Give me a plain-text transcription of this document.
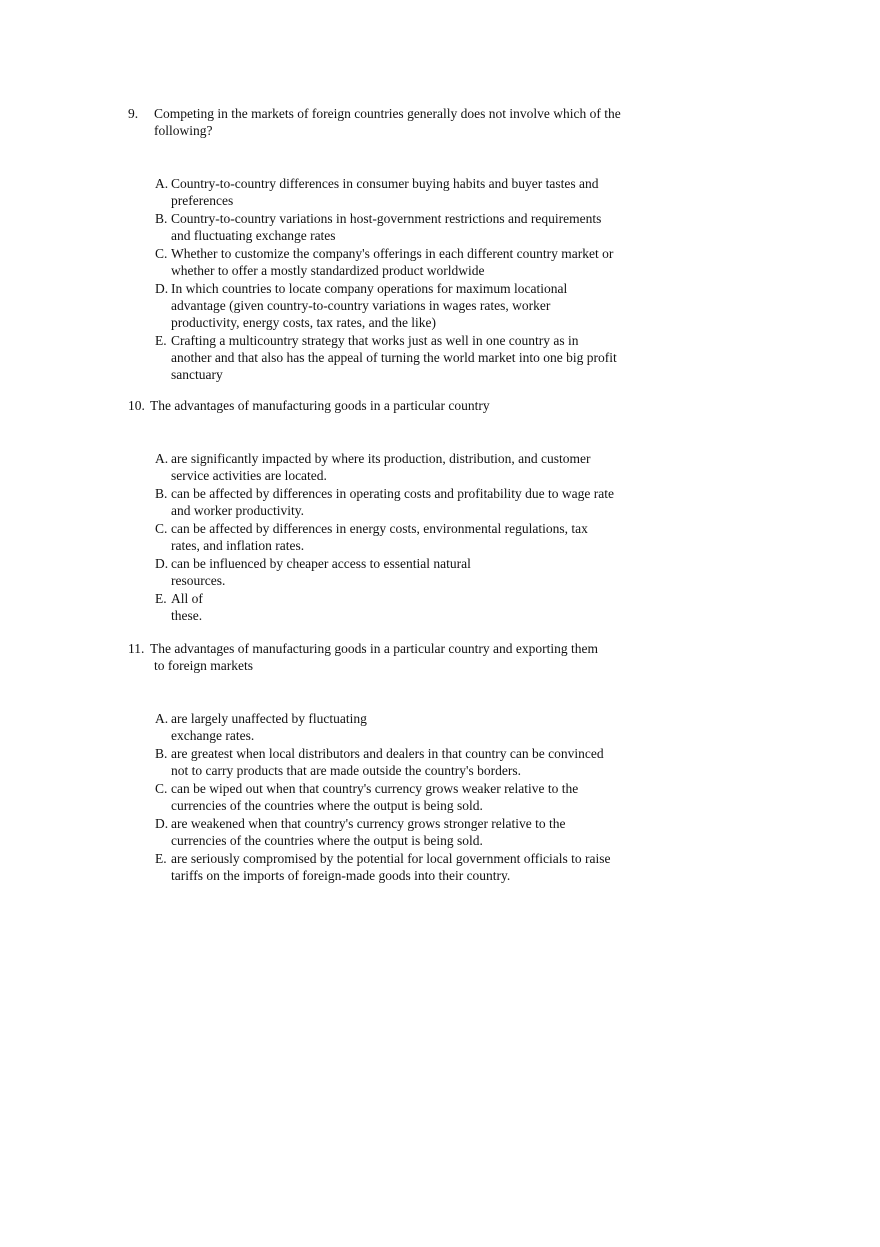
9.	Competing in the markets of foreign countries generally does not involve which of the
following?
A. Country-to-country differences in consumer buying habits and buyer tastes and
preferences
B. Country-to-country variations in host-government restrictions and requirements
and fluctuating exchange rates
C. Whether to customize the company's offerings in each different country market or
whether to offer a mostly standardized product worldwide
D. In which countries to locate company operations for maximum locational
advantage (given country-to-country variations in wages rates, worker
productivity, energy costs, tax rates, and the like)
E. Crafting a multicountry strategy that works just as well in one country as in
another and that also has the appeal of turning the world market into one big profit
sanctuary
10. The advantages of manufacturing goods in a particular country
A. are significantly impacted by where its production, distribution, and customer
service activities are located.
B. can be affected by differences in operating costs and profitability due to wage rate
and worker productivity.
C. can be affected by differences in energy costs, environmental regulations, tax
rates, and inflation rates.
D. can be influenced by cheaper access to essential natural
resources.
E. All of
these.
11. The advantages of manufacturing goods in a particular country and exporting them
to foreign markets
A. are largely unaffected by fluctuating
exchange rates.
B. are greatest when local distributors and dealers in that country can be convinced
not to carry products that are made outside the country's borders.
C. can be wiped out when that country's currency grows weaker relative to the
currencies of the countries where the output is being sold.
D. are weakened when that country's currency grows stronger relative to the
currencies of the countries where the output is being sold.
E. are seriously compromised by the potential for local government officials to raise
tariffs on the imports of foreign-made goods into their country.
